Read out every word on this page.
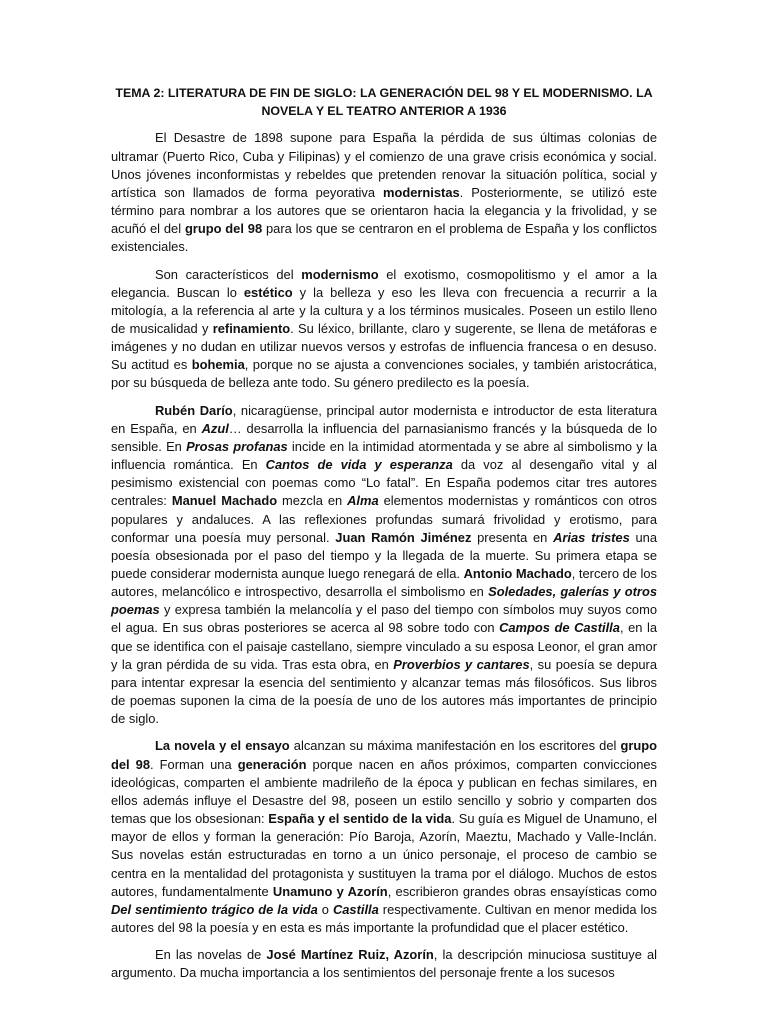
TEMA 2: LITERATURA DE FIN DE SIGLO: LA GENERACIÓN DEL 98 Y EL MODERNISMO. LA NOVELA Y EL TEATRO ANTERIOR A 1936

El Desastre de 1898 supone para España la pérdida de sus últimas colonias de ultramar (Puerto Rico, Cuba y Filipinas) y el comienzo de una grave crisis económica y social. Unos jóvenes inconformistas y rebeldes que pretenden renovar la situación política, social y artística son llamados de forma peyorativa modernistas. Posteriormente, se utilizó este término para nombrar a los autores que se orientaron hacia la elegancia y la frivolidad, y se acuñó el del grupo del 98 para los que se centraron en el problema de España y los conflictos existenciales.

Son característicos del modernismo el exotismo, cosmopolitismo y el amor a la elegancia. Buscan lo estético y la belleza y eso les lleva con frecuencia a recurrir a la mitología, a la referencia al arte y la cultura y a los términos musicales. Poseen un estilo lleno de musicalidad y refinamiento. Su léxico, brillante, claro y sugerente, se llena de metáforas e imágenes y no dudan en utilizar nuevos versos y estrofas de influencia francesa o en desuso. Su actitud es bohemia, porque no se ajusta a convenciones sociales, y también aristocrática, por su búsqueda de belleza ante todo. Su género predilecto es la poesía.

Rubén Darío, nicaragüense, principal autor modernista e introductor de esta literatura en España, en Azul… desarrolla la influencia del parnasianismo francés y la búsqueda de lo sensible. En Prosas profanas incide en la intimidad atormentada y se abre al simbolismo y la influencia romántica. En Cantos de vida y esperanza da voz al desengaño vital y al pesimismo existencial con poemas como “Lo fatal”. En España podemos citar tres autores centrales: Manuel Machado mezcla en Alma elementos modernistas y románticos con otros populares y andaluces. A las reflexiones profundas sumará frivolidad y erotismo, para conformar una poesía muy personal. Juan Ramón Jiménez presenta en Arias tristes una poesía obsesionada por el paso del tiempo y la llegada de la muerte. Su primera etapa se puede considerar modernista aunque luego renegará de ella. Antonio Machado, tercero de los autores, melancólico e introspectivo, desarrolla el simbolismo en Soledades, galerías y otros poemas y expresa también la melancolía y el paso del tiempo con símbolos muy suyos como el agua. En sus obras posteriores se acerca al 98 sobre todo con Campos de Castilla, en la que se identifica con el paisaje castellano, siempre vinculado a su esposa Leonor, el gran amor y la gran pérdida de su vida. Tras esta obra, en Proverbios y cantares, su poesía se depura para intentar expresar la esencia del sentimiento y alcanzar temas más filosóficos. Sus libros de poemas suponen la cima de la poesía de uno de los autores más importantes de principio de siglo.

La novela y el ensayo alcanzan su máxima manifestación en los escritores del grupo del 98. Forman una generación porque nacen en años próximos, comparten convicciones ideológicas, comparten el ambiente madrileño de la época y publican en fechas similares, en ellos además influye el Desastre del 98, poseen un estilo sencillo y sobrio y comparten dos temas que los obsesionan: España y el sentido de la vida. Su guía es Miguel de Unamuno, el mayor de ellos y forman la generación: Pío Baroja, Azorín, Maeztu, Machado y Valle-Inclán. Sus novelas están estructuradas en torno a un único personaje, el proceso de cambio se centra en la mentalidad del protagonista y sustituyen la trama por el diálogo. Muchos de estos autores, fundamentalmente Unamuno y Azorín, escribieron grandes obras ensayísticas como Del sentimiento trágico de la vida o Castilla respectivamente. Cultivan en menor medida los autores del 98 la poesía y en esta es más importante la profundidad que el placer estético.

En las novelas de José Martínez Ruiz, Azorín, la descripción minuciosa sustituye al argumento. Da mucha importancia a los sentimientos del personaje frente a los sucesos
